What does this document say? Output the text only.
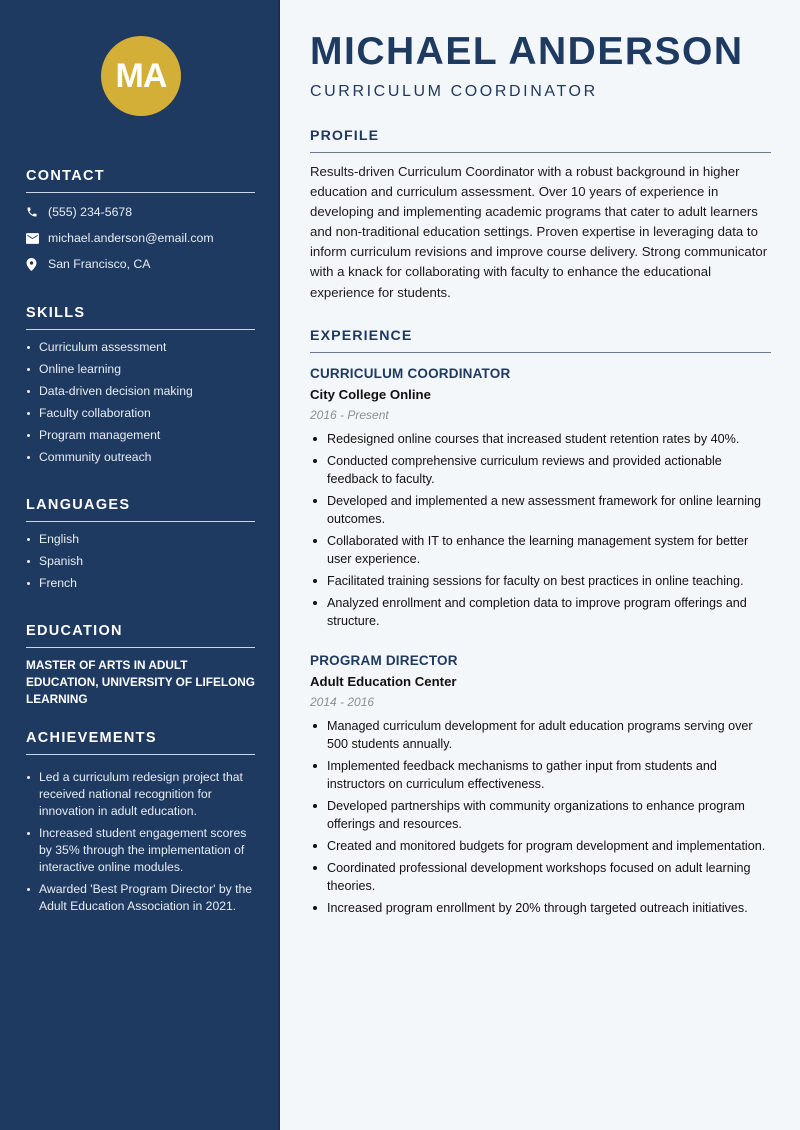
MA
CONTACT
(555) 234-5678
michael.anderson@email.com
San Francisco, CA
SKILLS
Curriculum assessment
Online learning
Data-driven decision making
Faculty collaboration
Program management
Community outreach
LANGUAGES
English
Spanish
French
EDUCATION

MASTER OF ARTS IN ADULT EDUCATION, UNIVERSITY OF LIFELONG LEARNING

ACHIEVEMENTS
Led a curriculum redesign project that received national recognition for innovation in adult education.
Increased student engagement scores by 35% through the implementation of interactive online modules.
Awarded 'Best Program Director' by the Adult Education Association in 2021.
MICHAEL ANDERSON
CURRICULUM COORDINATOR
PROFILE

Results-driven Curriculum Coordinator with a robust background in higher education and curriculum assessment. Over 10 years of experience in developing and implementing academic programs that cater to adult learners and non-traditional education settings. Proven expertise in leveraging data to inform curriculum revisions and improve course delivery. Strong communicator with a knack for collaborating with faculty to enhance the educational experience for students.

EXPERIENCE
CURRICULUM COORDINATOR
City College Online
2016 - Present
Redesigned online courses that increased student retention rates by 40%.
Conducted comprehensive curriculum reviews and provided actionable feedback to faculty.
Developed and implemented a new assessment framework for online learning outcomes.
Collaborated with IT to enhance the learning management system for better user experience.
Facilitated training sessions for faculty on best practices in online teaching.
Analyzed enrollment and completion data to improve program offerings and structure.
PROGRAM DIRECTOR
Adult Education Center
2014 - 2016
Managed curriculum development for adult education programs serving over 500 students annually.
Implemented feedback mechanisms to gather input from students and instructors on curriculum effectiveness.
Developed partnerships with community organizations to enhance program offerings and resources.
Created and monitored budgets for program development and implementation.
Coordinated professional development workshops focused on adult learning theories.
Increased program enrollment by 20% through targeted outreach initiatives.
